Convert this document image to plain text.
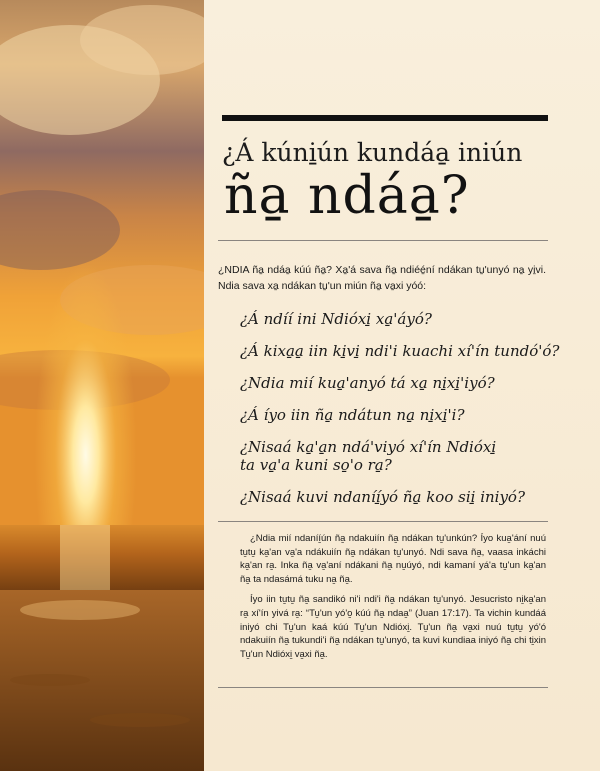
¿Á kúni̱ún kundáa̱ iniún
ña̱ ndáa̱?
¿NDIA ña̱ ndáa̱ kúú ña̱? Xa̱'á sava ña̱ ndiéé̱ní ndákan tu̱'unyó na̱ yi̱vi. Ndia sava xa̱ ndákan tu̱'un miún ña̱ va̱xi yóó:
¿Á ndíí ini Ndióxi̱ xa̱'áyó?
¿Á kixa̱a̱ iin ki̱vi̱ ndi'i kuachi xí'ín tundó'ó?
¿Ndia mií kua̱'anyó tá xa̱ ni̱xi̱'iyó?
¿Á íyo iin ña̱ ndátun na̱ ni̱xi̱'i?
¿Nisaá ka̱'a̱n ndá'viyó xí'ín Ndióxi̱
ta va̱'a kuni so̱'o ra̱?
¿Nisaá kuvi ndaníí̱yó ña̱ koo sii̱ iniyó?

¿Ndia mií ndaníí̱ún ña̱ ndakuiín ña̱ ndákan tu̱'unkún? Íyo kua̱'ání nuú tu̱tu̱ ka̱'an va̱'a ndákuiín ña̱ ndákan tu̱'unyó. Ndi sava ña̱, vaasa inkáchi ka̱'an ra̱. Inka ña̱ va̱'aní ndákani ña̱ nu̱úyó, ndi kamaní yá'a tu̱'un ka̱'an ña̱ ta ndasámá tuku na̱ ña̱.

Íyo iin tu̱tu̱ ña̱ sandikó ni'i ndi'i ña̱ ndákan tu̱'unyó. Jesucristo ni̱ka̱'an ra̱ xí'ín yivá ra̱: “Tu̱'un yó'o̱ kúú ña̱ ndaa̱” (Juan 17:17). Ta vichin kundáá iniyó chi Tu̱'un kaá kúú Tu̱'un Ndióxi̱. Tu̱'un ña̱ va̱xi nuú tu̱tu̱ yó'ó ndakuiín ña̱ tukundi'i ña̱ ndákan tu̱'unyó, ta kuvi kundiaa iniyó ña̱ chi ti̱xin Tu̱'un Ndióxi̱ va̱xi ña̱.
